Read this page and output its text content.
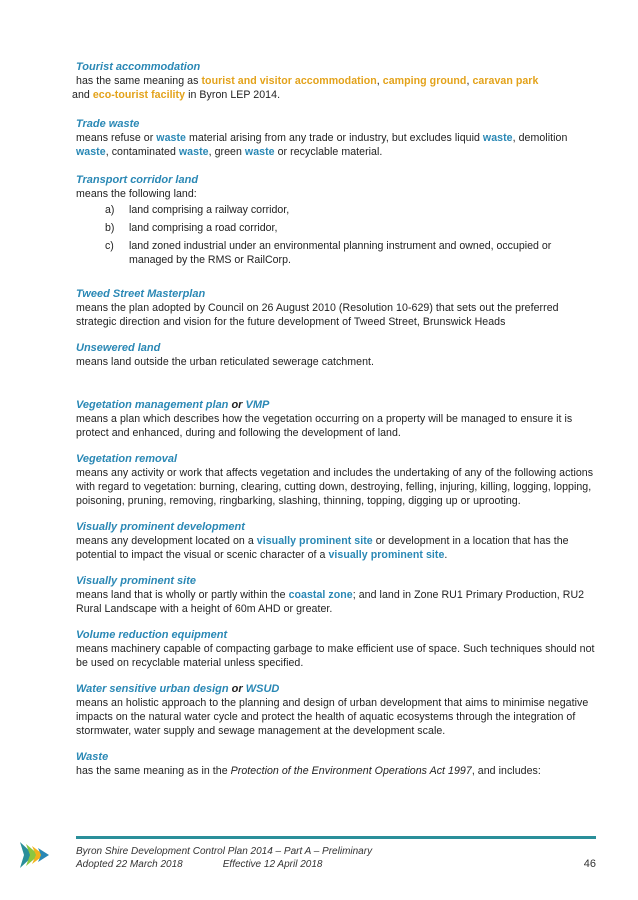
Tourist accommodation

has the same meaning as tourist and visitor accommodation, camping ground, caravan park
and eco-tourist facility in Byron LEP 2014.

Trade waste

means refuse or waste material arising from any trade or industry, but excludes liquid waste, demolition waste, contaminated waste, green waste or recyclable material.

Transport corridor land

means the following land:

a)	land comprising a railway corridor,
b)	land comprising a road corridor,
c)	land zoned industrial under an environmental planning instrument and owned, occupied or managed by the RMS or RailCorp.

Tweed Street Masterplan

means the plan adopted by Council on 26 August 2010 (Resolution 10-629) that sets out the preferred strategic direction and vision for the future development of Tweed Street, Brunswick Heads

Unsewered land

means land outside the urban reticulated sewerage catchment.

Vegetation management plan or VMP

means a plan which describes how the vegetation occurring on a property will be managed to ensure it is protect and enhanced, during and following the development of land.

Vegetation removal

means any activity or work that affects vegetation and includes the undertaking of any of the following actions with regard to vegetation: burning, clearing, cutting down, destroying, felling, injuring, killing, logging, lopping, poisoning, pruning, removing, ringbarking, slashing, thinning, topping, digging up or uprooting.

Visually prominent development

means any development located on a visually prominent site or development in a location that has the potential to impact the visual or scenic character of a visually prominent site.

Visually prominent site

means land that is wholly or partly within the coastal zone; and land in Zone RU1 Primary Production, RU2 Rural Landscape with a height of 60m AHD or greater.

Volume reduction equipment

means machinery capable of compacting garbage to make efficient use of space. Such techniques should not be used on recyclable material unless specified.

Water sensitive urban design or WSUD

means an holistic approach to the planning and design of urban development that aims to minimise negative impacts on the natural water cycle and protect the health of aquatic ecosystems through the integration of stormwater, water supply and sewage management at the development scale.

Waste

has the same meaning as in the Protection of the Environment Operations Act 1997, and includes:

Byron Shire Development Control Plan 2014 – Part A – Preliminary
Adopted 22 March 2018	Effective 12 April 2018	46
